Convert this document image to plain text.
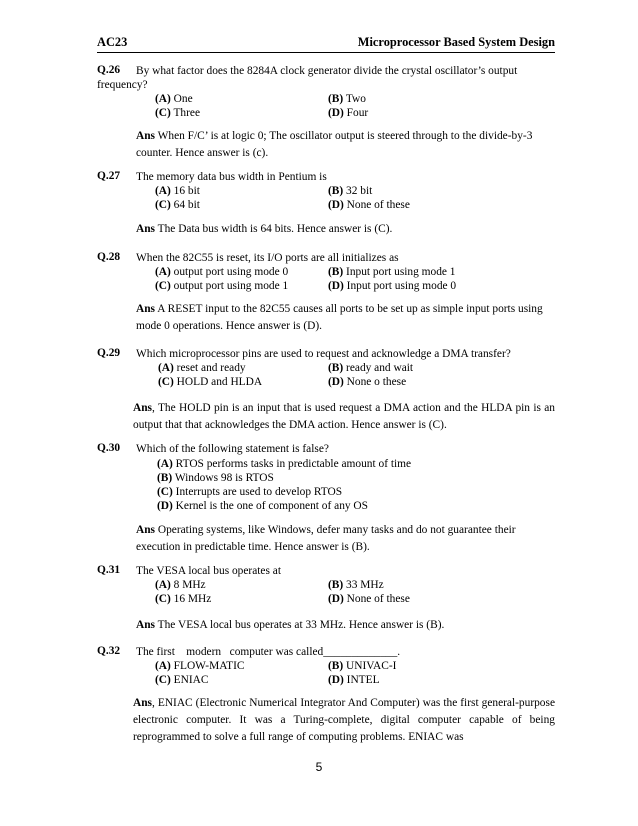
AC23	Microprocessor Based System Design
Q.26	By what factor does the 8284A clock generator divide the crystal oscillator’s output frequency?
(A) One	(B) Two
(C) Three	(D) Four
Ans When F/C’ is at logic 0; The oscillator output is steered through to the divide-by-3 counter. Hence answer is (c).
Q.27 The memory data bus width in Pentium is
(A) 16 bit	(B) 32 bit
(C) 64 bit	(D) None of these
Ans The Data bus width is 64 bits. Hence answer is (C).
Q.28 When the 82C55 is reset, its I/O ports are all initializes as
(A) output port using mode 0	(B) Input port using mode 1
(C) output port using mode 1	(D) Input port using mode 0
Ans A RESET input to the 82C55 causes all ports to be set up as simple input ports using mode 0 operations. Hence answer is (D).
Q.29 Which microprocessor pins are used to request and acknowledge a DMA transfer?
(A) reset and ready	(B) ready and wait
(C) HOLD and HLDA	(D) None o these
Ans, The HOLD pin is an input that is used request a DMA action and the HLDA pin is an output that that acknowledges the DMA action. Hence answer is (C).
Q.30 Which of the following statement is false?
(A) RTOS performs tasks in predictable amount of time
(B) Windows 98 is RTOS
(C) Interrupts are used to develop RTOS
(D) Kernel is the one of component of any OS
Ans Operating systems, like Windows, defer many tasks and do not guarantee their execution in predictable time. Hence answer is (B).
Q.31 The VESA local bus operates at
(A) 8 MHz	(B) 33 MHz
(C) 16 MHz	(D) None of these
Ans The VESA local bus operates at 33 MHz. Hence answer is (B).
Q.32 The first    modern   computer was called_____________.
(A) FLOW-MATIC	(B) UNIVAC-I
(C) ENIAC	(D) INTEL
Ans, ENIAC (Electronic Numerical Integrator And Computer) was the first general-purpose electronic computer. It was a Turing-complete, digital computer capable of being reprogrammed to solve a full range of computing problems. ENIAC was
5
